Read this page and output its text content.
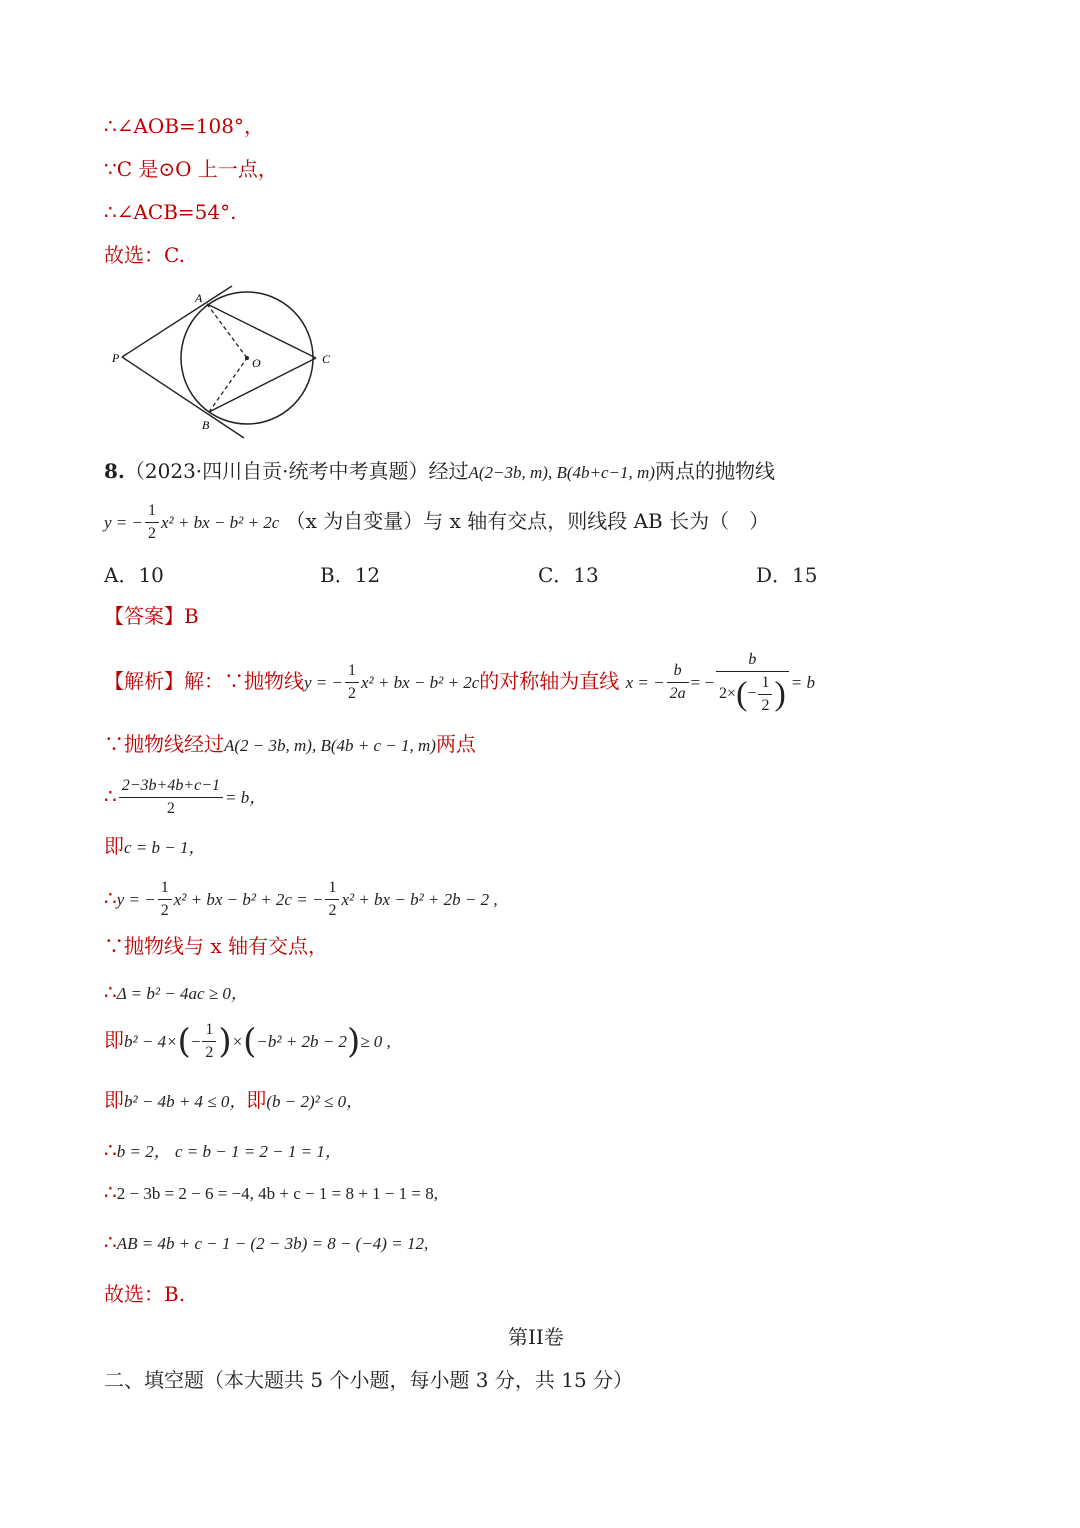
∴∠AOB=108°，
∵C 是⊙O 上一点，
∴∠ACB=54°.
故选：C.
A
B
C
O
P
8.（2023·四川自贡·统考中考真题）经过A(2−3b, m), B(4b+c−1, m)两点的抛物线
y = − $\frac{1}{2} x^2$ + bx − b² + 2c （x 为自变量）与 x 轴有交点，则线段 AB 长为（　）
A．10	B．12	C．13	D．15
【答案】B
【解析】解：∵抛物线y = − $\frac{1}{2} x^2$ + bx − b² + 2c的对称轴为直线 x = − $\frac{b}{2a}$ = − $\frac{b}{2\times(- \frac{1}{2} )} = b$
∵抛物线经过A(2 − 3b, m), B(4b + c − 1, m)两点
∴ $\frac{2-3b+4b+c-1}{2} = b$，
即c = b − 1，
∴y = − $\frac{1}{2} x^2$ + bx − b² + 2c = − $\frac{1}{2} x^2$ + bx − b² + 2b − 2 ,
∵抛物线与 x 轴有交点，
∴Δ = b² − 4ac ≥ 0，
即$b^2 - 4\times(- \frac{1}{2} )\times(-b^2 + 2b - 2)\ge 0$ ,
即b² − 4b + 4 ≤ 0，即(b − 2)² ≤ 0，
∴b = 2， c = b − 1 = 2 − 1 = 1，
∴2 − 3b = 2 − 6 = −4, 4b + c − 1 = 8 + 1 − 1 = 8,
∴AB = 4b + c − 1 − (2 − 3b) = 8 − (−4) = 12,
故选：B.
第II卷
二、填空题（本大题共 5 个小题，每小题 3 分，共 15 分）
